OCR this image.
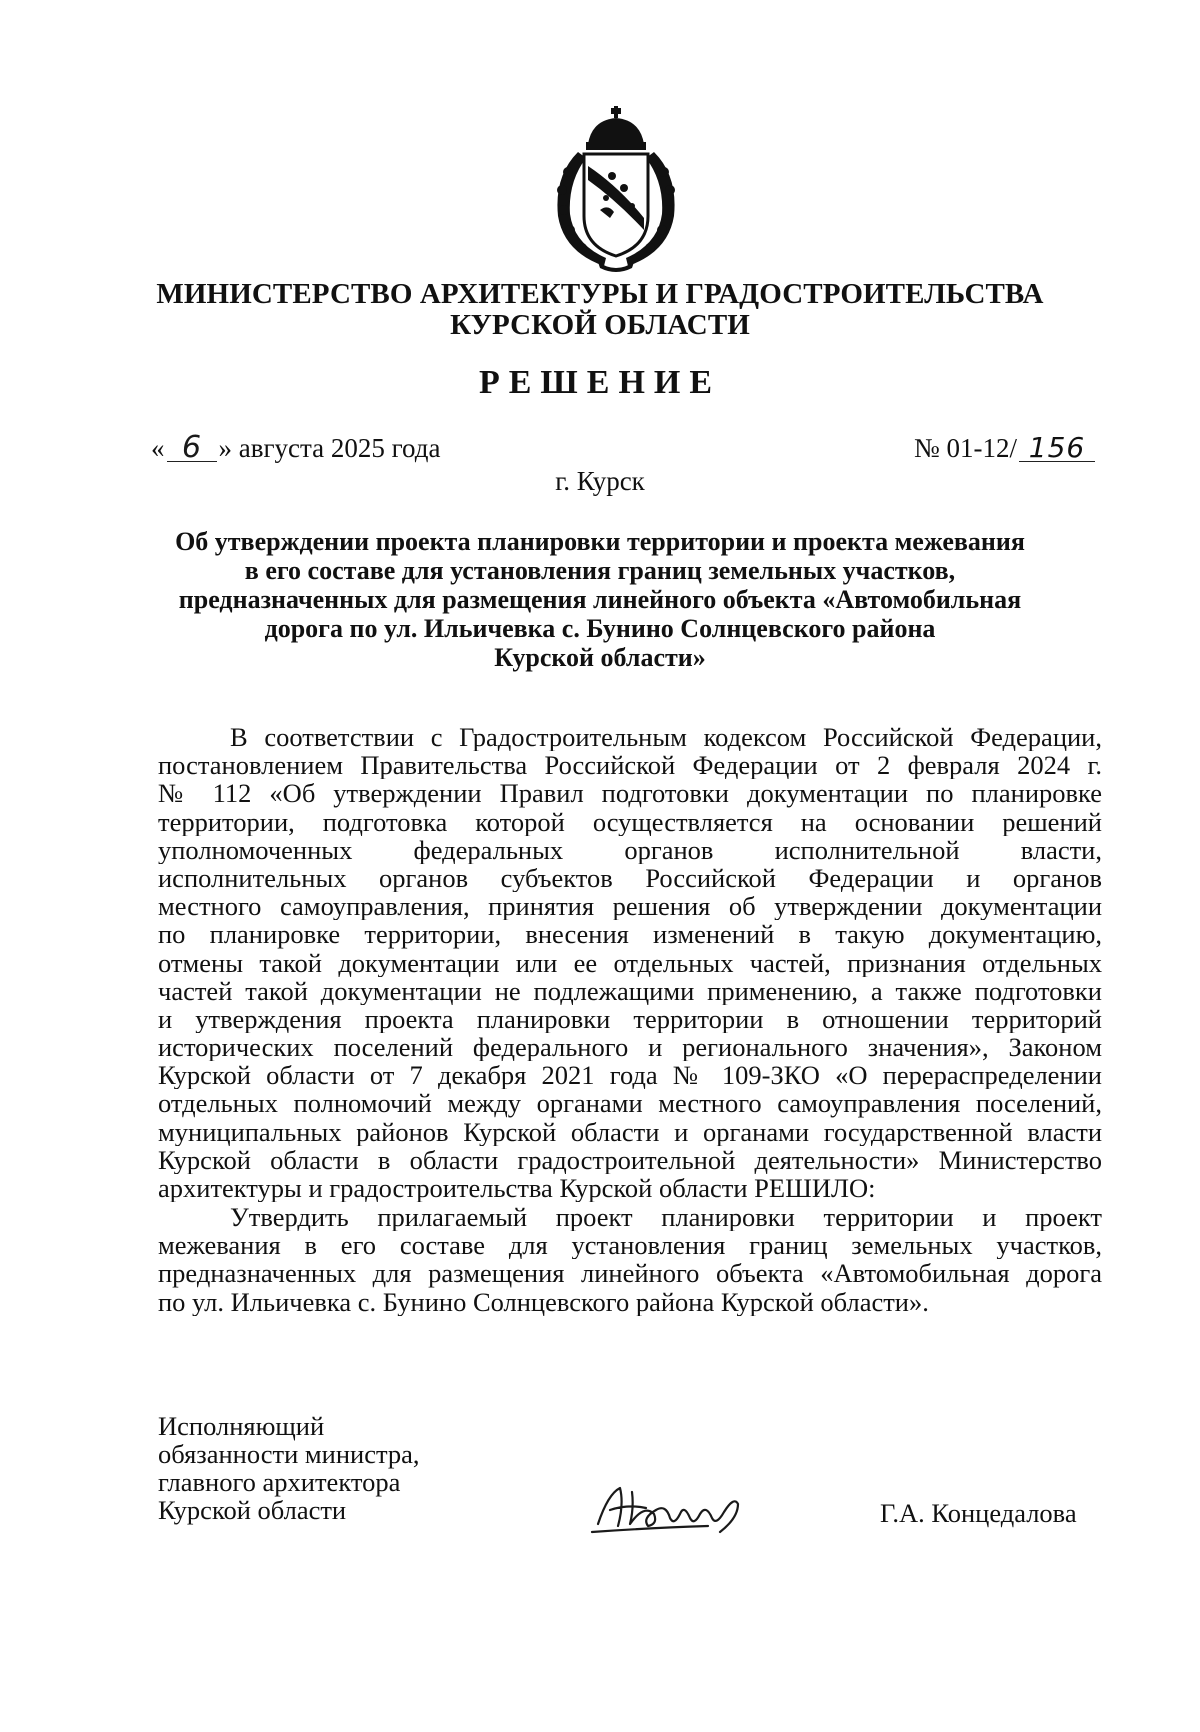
МИНИСТЕРСТВО АРХИТЕКТУРЫ И ГРАДОСТРОИТЕЛЬСТВА
КУРСКОЙ ОБЛАСТИ
РЕШЕНИЕ
« 6 » августа 2025 года	№ 01-12/ 156
г. Курск
Об утверждении проекта планировки территории и проекта межевания
в его составе для установления границ земельных участков,
предназначенных для размещения линейного объекта «Автомобильная
дорога по ул. Ильичевка с. Бунино Солнцевского района
Курской области»
В соответствии с Градостроительным кодексом Российской Федерации,
постановлением Правительства Российской Федерации от 2 февраля 2024 г.
№ 112 «Об утверждении Правил подготовки документации по планировке
территории, подготовка которой осуществляется на основании решений
уполномоченных федеральных органов исполнительной власти,
исполнительных органов субъектов Российской Федерации и органов
местного самоуправления, принятия решения об утверждении документации
по планировке территории, внесения изменений в такую документацию,
отмены такой документации или ее отдельных частей, признания отдельных
частей такой документации не подлежащими применению, а также подготовки
и утверждения проекта планировки территории в отношении территорий
исторических поселений федерального и регионального значения», Законом
Курской области от 7 декабря 2021 года № 109-ЗКО «О перераспределении
отдельных полномочий между органами местного самоуправления поселений,
муниципальных районов Курской области и органами государственной власти
Курской области в области градостроительной деятельности» Министерство
архитектуры и градостроительства Курской области РЕШИЛО:
Утвердить прилагаемый проект планировки территории и проект
межевания в его составе для установления границ земельных участков,
предназначенных для размещения линейного объекта «Автомобильная дорога
по ул. Ильичевка с. Бунино Солнцевского района Курской области».
Исполняющий
обязанности министра,
главного архитектора
Курской области	Г.А. Концедалова
